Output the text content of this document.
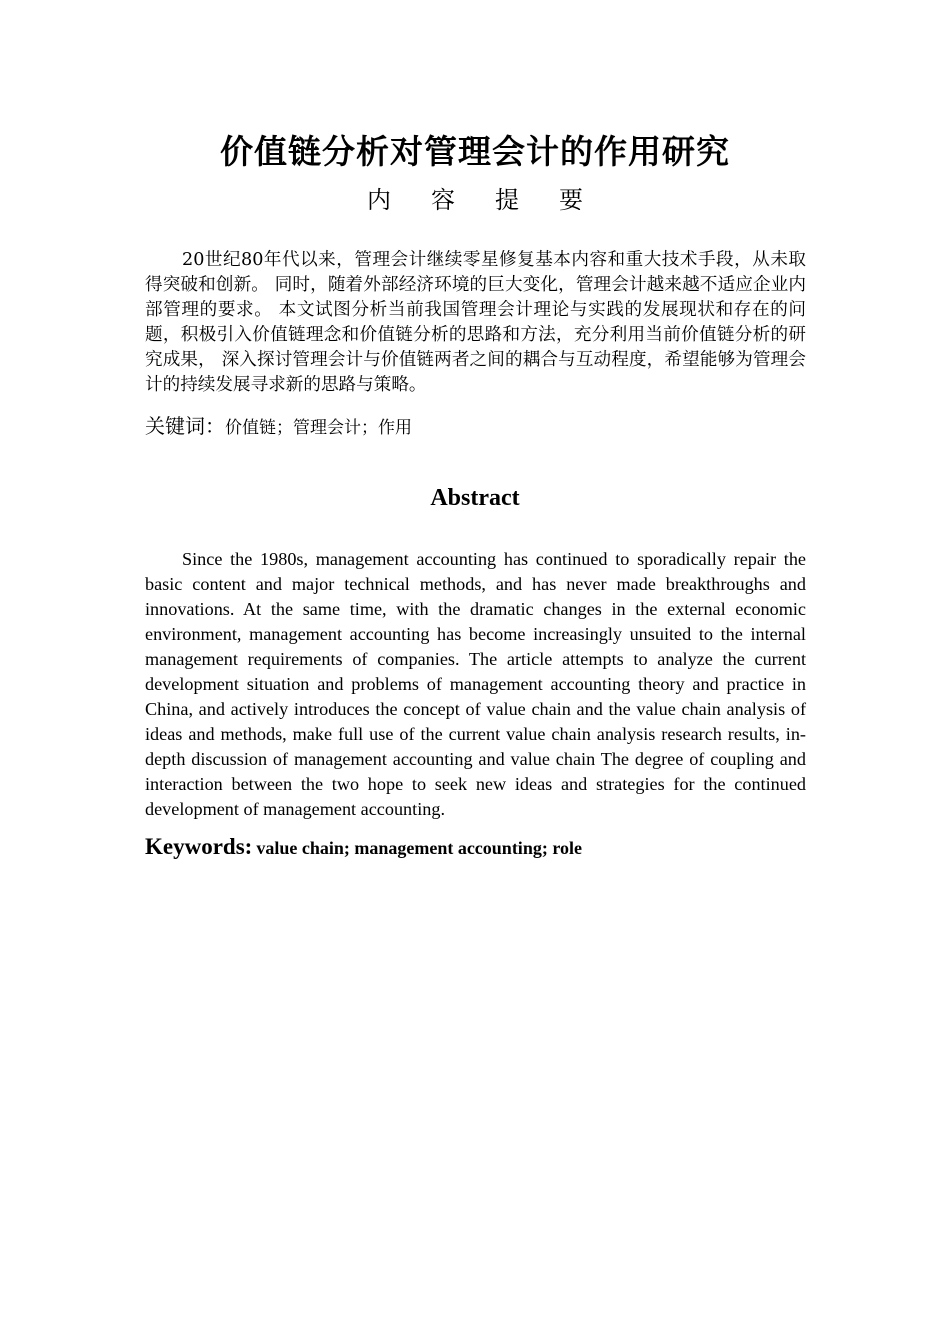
价值链分析对管理会计的作用研究
内容提要

20世纪80年代以来，管理会计继续零星修复基本内容和重大技术手段，从未取得突破和创新。 同时，随着外部经济环境的巨大变化，管理会计越来越不适应企业内部管理的要求。 本文试图分析当前我国管理会计理论与实践的发展现状和存在的问题，积极引入价值链理念和价值链分析的思路和方法，充分利用当前价值链分析的研究成果， 深入探讨管理会计与价值链两者之间的耦合与互动程度，希望能够为管理会计的持续发展寻求新的思路与策略。

关键词：价值链；管理会计；作用

Abstract

Since the 1980s, management accounting has continued to sporadically repair the basic content and major technical methods, and has never made breakthroughs and innovations. At the same time, with the dramatic changes in the external economic environment, management accounting has become increasingly unsuited to the internal management requirements of companies. The article attempts to analyze the current development situation and problems of management accounting theory and practice in China, and actively introduces the concept of value chain and the value chain analysis of ideas and methods, make full use of the current value chain analysis research results, in-depth discussion of management accounting and value chain The degree of coupling and interaction between the two hope to seek new ideas and strategies for the continued development of management accounting.

Keywords: value chain; management accounting; role
